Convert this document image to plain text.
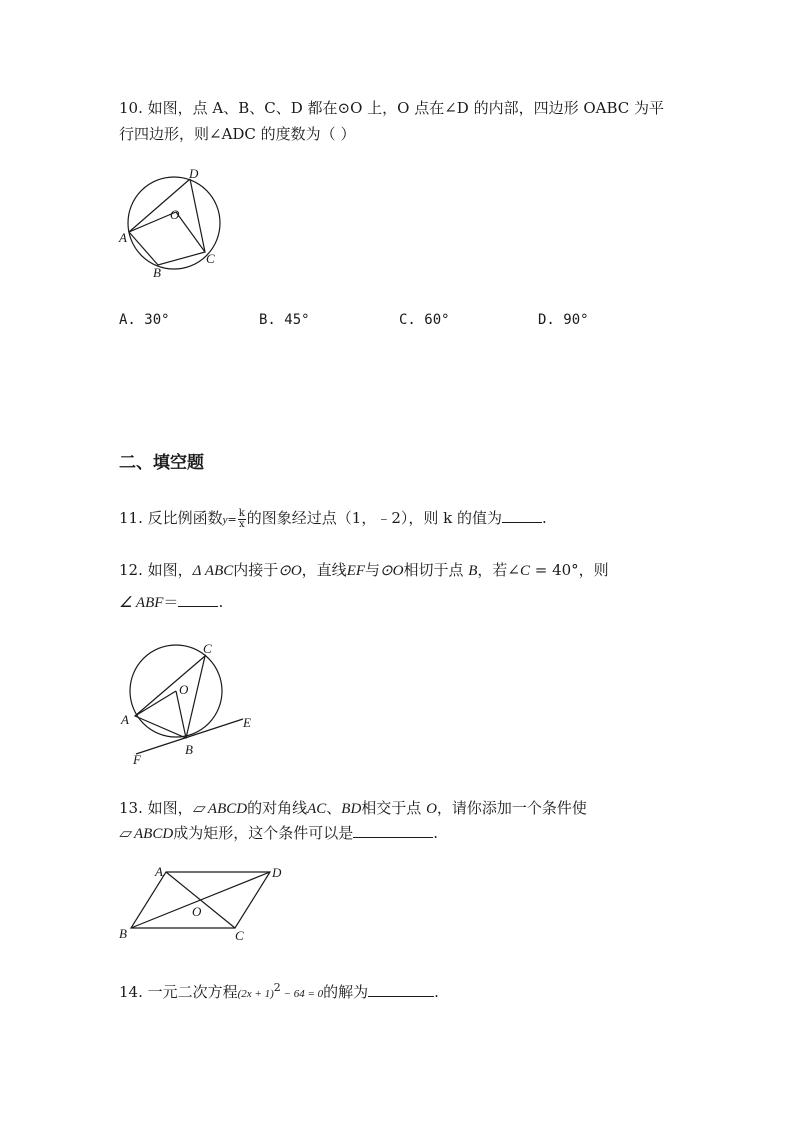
10. 如图，点 A、B、C、D 都在⊙O 上，O 点在∠D 的内部，四边形 OABC 为平
行四边形，则∠ADC 的度数为（ ）
D
O
A
B
C
A. 30°	B. 45°	C. 60°	D. 90°
二、填空题
11. 反比例函数$y= \frac{k}{x}$ 的图象经过点（1，﹣2），则 k 的值为	.
12. 如图，Δ ABC内接于⊙O，直线EF与⊙O相切于点 B，若∠C = 40°，则
∠ ABF＝	.
C
O
A	E
B
F
13. 如图，▱ ABCD的对角线AC、BD相交于点 O，请你添加一个条件使
▱ ABCD成为矩形，这个条件可以是	.
A	D
O
B	C
14. 一元二次方程$(2x + 1)^2 - 64 = 0$的解为	.
